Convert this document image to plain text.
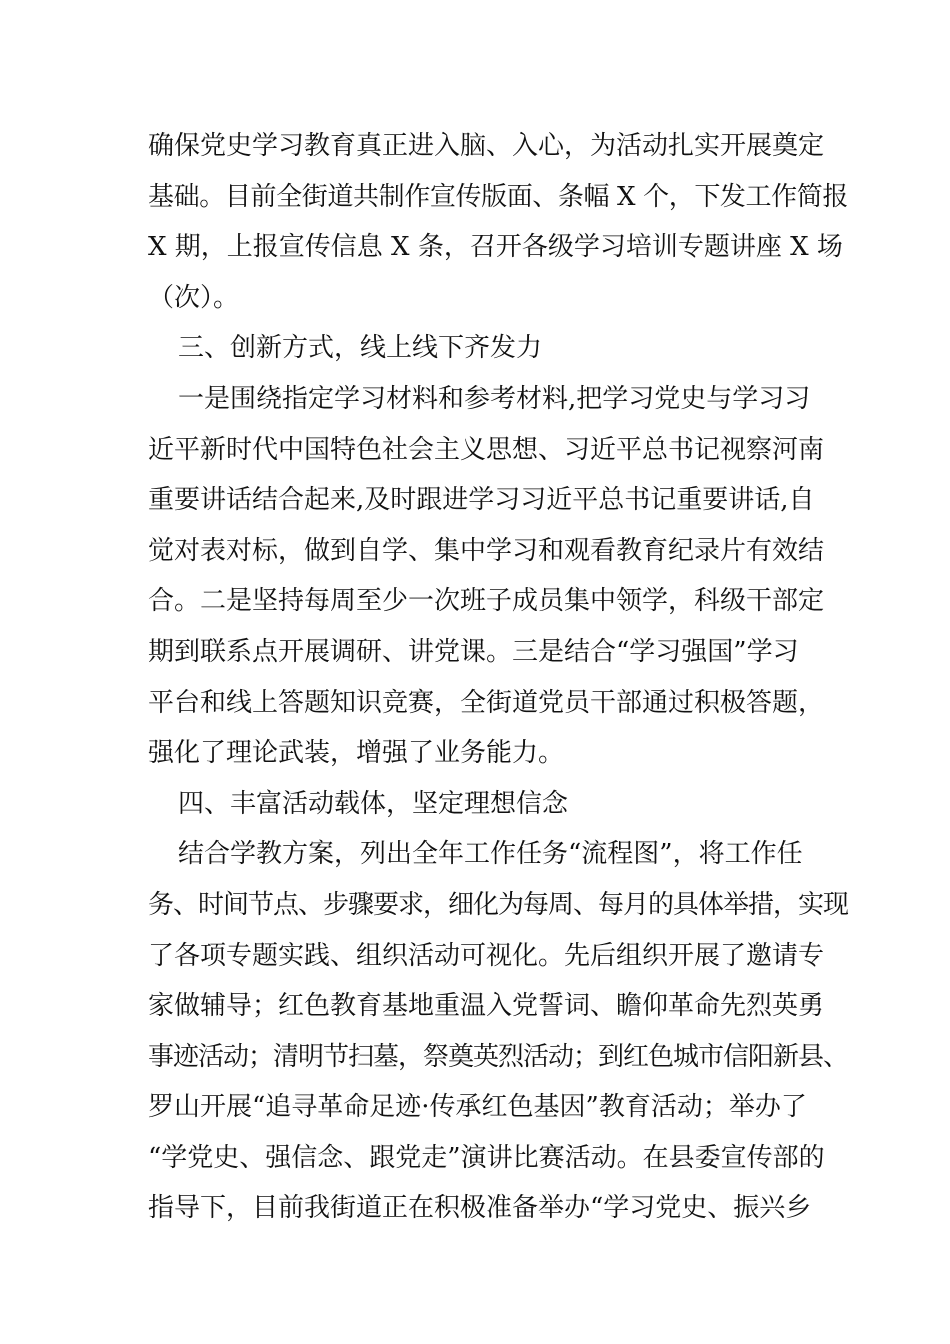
确保党史学习教育真正进入脑、入心，为活动扎实开展奠定
基础。目前全街道共制作宣传版面、条幅 X 个，下发工作简报
X 期，上报宣传信息 X 条，召开各级学习培训专题讲座 X 场
（次）。
三、创新方式，线上线下齐发力
一是围绕指定学习材料和参考材料,把学习党史与学习习
近平新时代中国特色社会主义思想、习近平总书记视察河南
重要讲话结合起来,及时跟进学习习近平总书记重要讲话,自
觉对表对标，做到自学、集中学习和观看教育纪录片有效结
合。二是坚持每周至少一次班子成员集中领学，科级干部定
期到联系点开展调研、讲党课。三是结合“学习强国”学习
平台和线上答题知识竞赛，全街道党员干部通过积极答题，
强化了理论武装，增强了业务能力。
四、丰富活动载体，坚定理想信念
结合学教方案，列出全年工作任务“流程图”，将工作任
务、时间节点、步骤要求，细化为每周、每月的具体举措，实现
了各项专题实践、组织活动可视化。先后组织开展了邀请专
家做辅导；红色教育基地重温入党誓词、瞻仰革命先烈英勇
事迹活动；清明节扫墓，祭奠英烈活动；到红色城市信阳新县、
罗山开展“追寻革命足迹·传承红色基因”教育活动；举办了
“学党史、强信念、跟党走”演讲比赛活动。在县委宣传部的
指导下，目前我街道正在积极准备举办“学习党史、振兴乡
